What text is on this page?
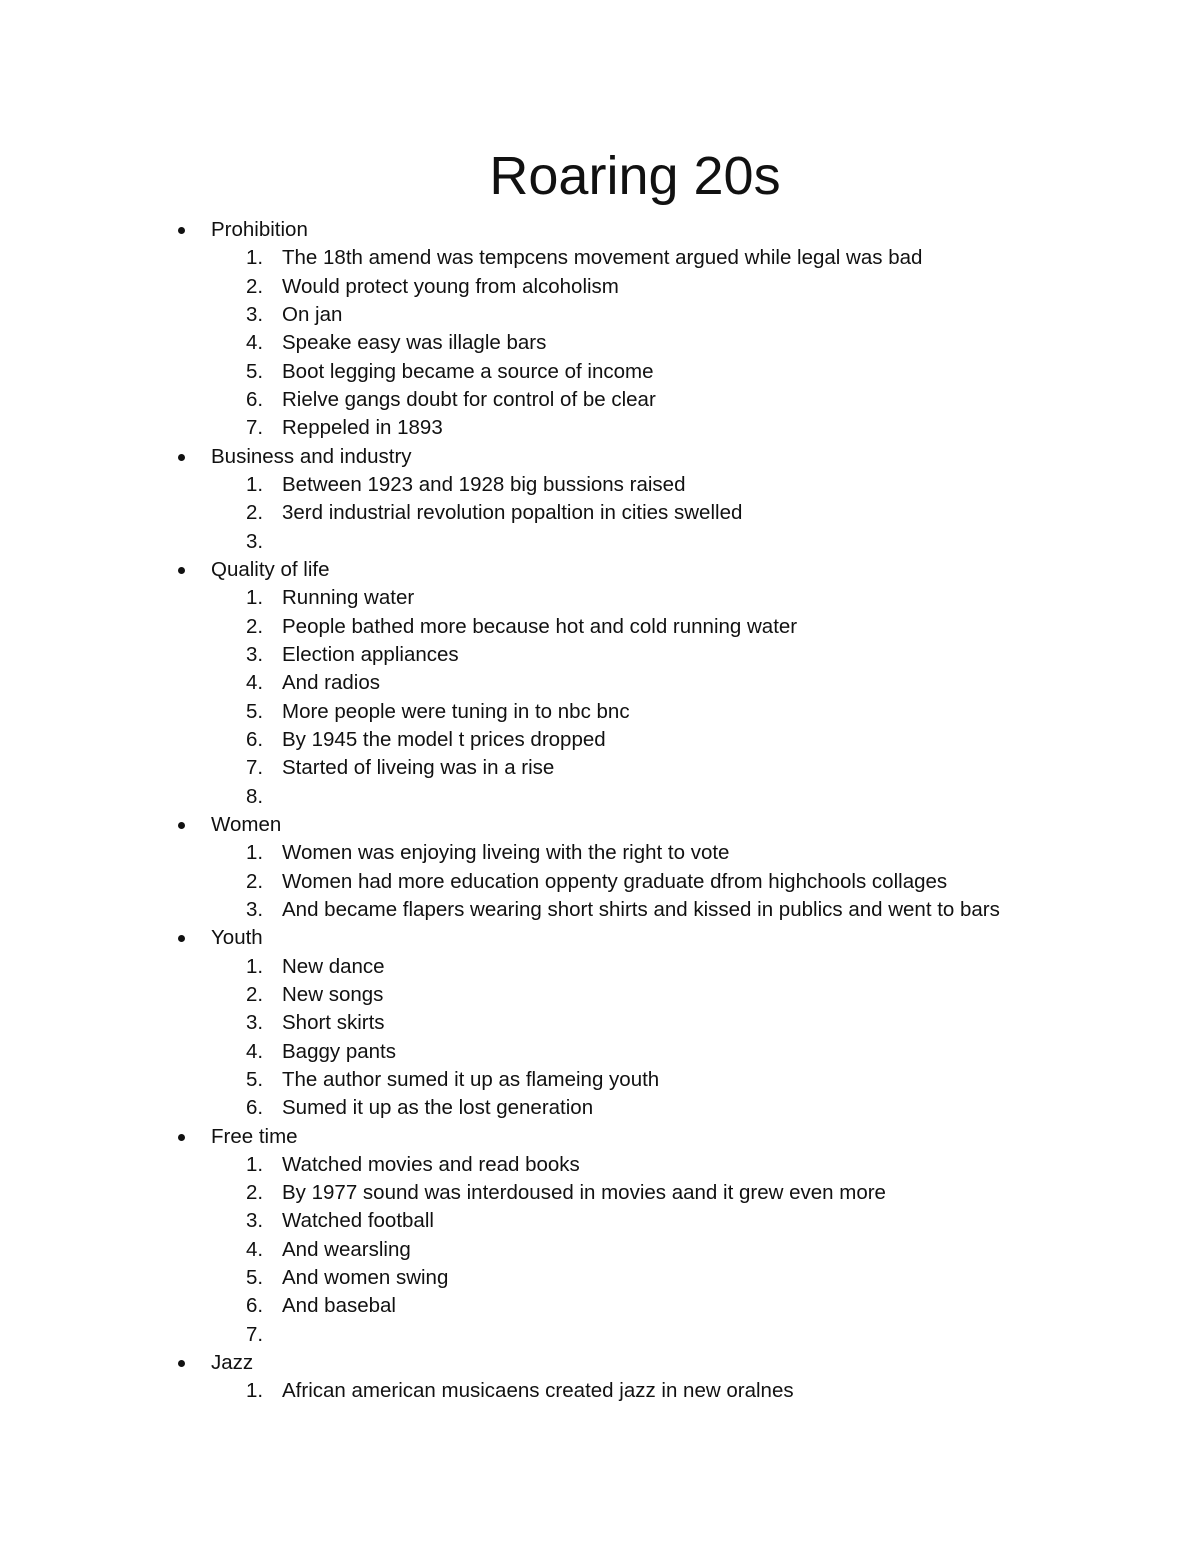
Roaring 20s
Prohibition
1. The 18th amend was tempcens movement argued while legal was bad
2. Would protect young from alcoholism
3. On jan
4. Speake easy was illagle bars
5. Boot legging became a source of income
6. Rielve gangs doubt for control of be clear
7. Reppeled in 1893
Business and industry
1. Between 1923 and 1928 big bussions raised
2. 3erd industrial revolution popaltion in cities swelled
3.
Quality of life
1. Running water
2. People bathed more because hot and cold running water
3. Election appliances
4. And radios
5. More people were tuning in to nbc bnc
6. By 1945 the model t prices dropped
7. Started of liveing was in a rise
8.
Women
1. Women was enjoying liveing with the right to vote
2. Women had more education oppenty graduate dfrom highchools collages
3. And became flapers wearing short shirts and kissed in publics and went to bars
Youth
1. New dance
2. New songs
3. Short skirts
4. Baggy pants
5. The author sumed it up as flameing youth
6. Sumed it up as the lost generation
Free time
1. Watched movies and read books
2. By 1977 sound was interdoused in movies aand it grew even more
3. Watched football
4. And wearsling
5. And women swing
6. And basebal
7.
Jazz
1. African american musicaens created jazz in new oralnes
